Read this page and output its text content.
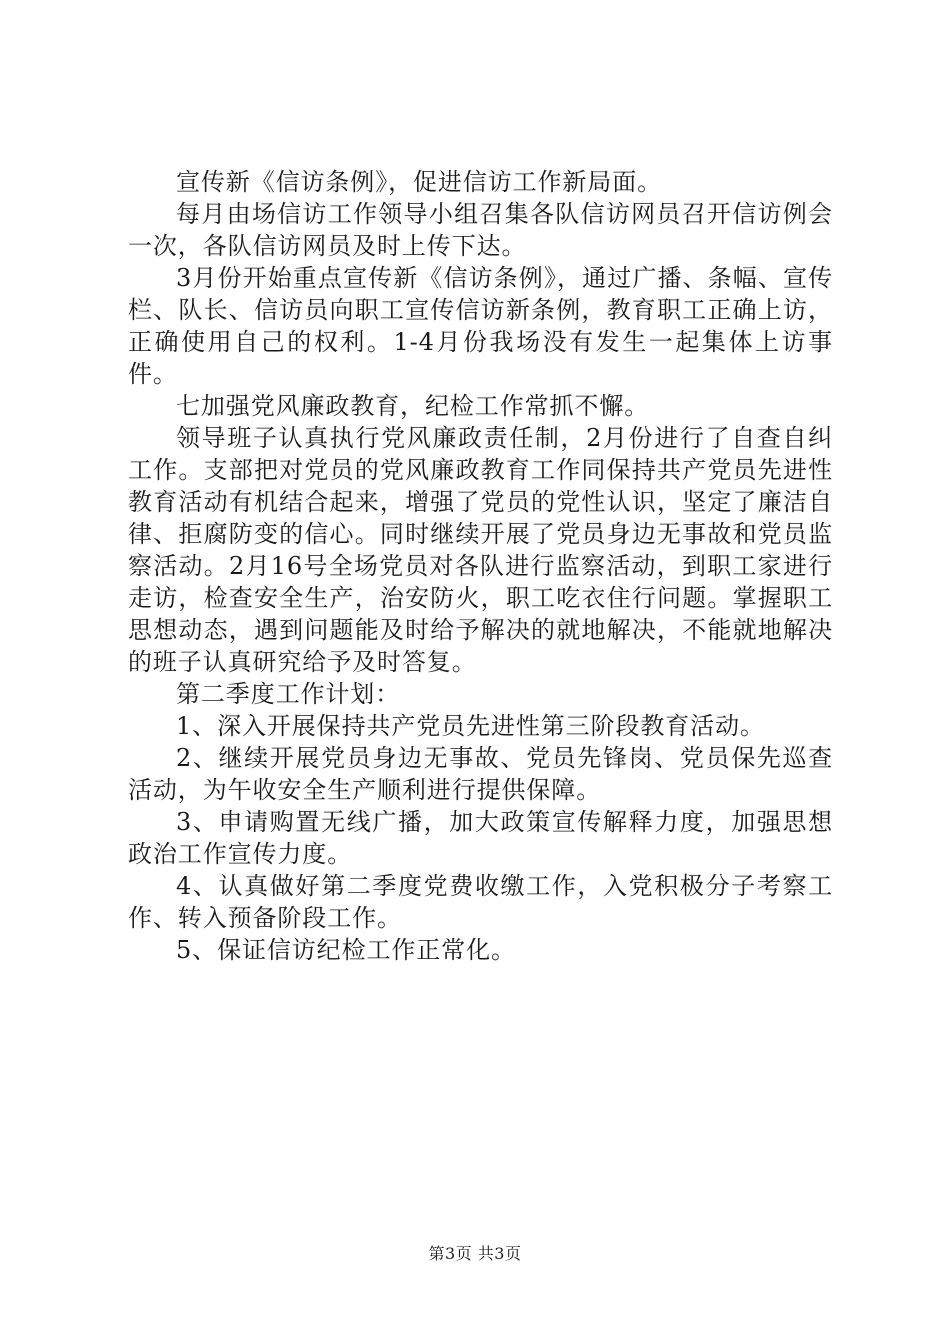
宣传新《信访条例》，促进信访工作新局面。

每月由场信访工作领导小组召集各队信访网员召开信访例会一次，各队信访网员及时上传下达。

3月份开始重点宣传新《信访条例》，通过广播、条幅、宣传栏、队长、信访员向职工宣传信访新条例，教育职工正确上访，正确使用自己的权利。1-4月份我场没有发生一起集体上访事件。

七加强党风廉政教育，纪检工作常抓不懈。

领导班子认真执行党风廉政责任制，2月份进行了自查自纠工作。支部把对党员的党风廉政教育工作同保持共产党员先进性教育活动有机结合起来，增强了党员的党性认识，坚定了廉洁自律、拒腐防变的信心。同时继续开展了党员身边无事故和党员监察活动。2月16号全场党员对各队进行监察活动，到职工家进行走访，检查安全生产，治安防火，职工吃衣住行问题。掌握职工思想动态，遇到问题能及时给予解决的就地解决，不能就地解决的班子认真研究给予及时答复。

第二季度工作计划：

1、深入开展保持共产党员先进性第三阶段教育活动。

2、继续开展党员身边无事故、党员先锋岗、党员保先巡查活动，为午收安全生产顺利进行提供保障。

3、申请购置无线广播，加大政策宣传解释力度，加强思想政治工作宣传力度。

4、认真做好第二季度党费收缴工作，入党积极分子考察工作、转入预备阶段工作。

5、保证信访纪检工作正常化。

第3页 共3页
